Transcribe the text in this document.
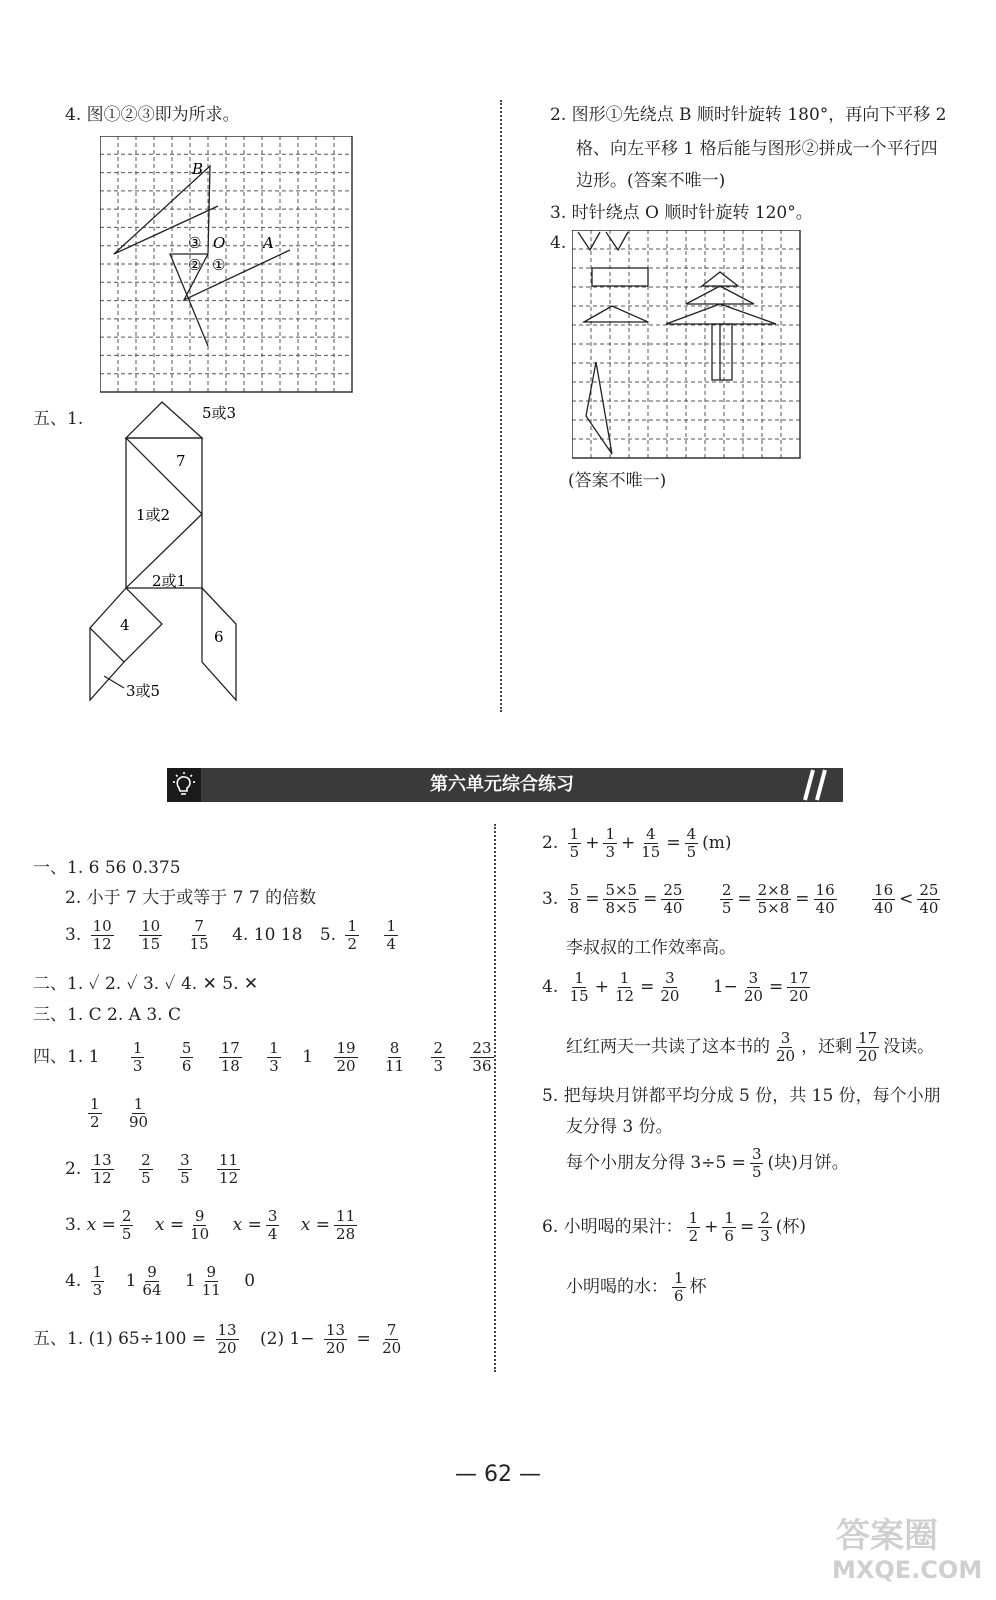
4. 图①②③即为所求。
B
O	A
③
② ①
五、1.	5或3
7
1或2
2或1
4
6
3或5
2. 图形①先绕点 B 顺时针旋转 180°，再向下平移 2
格、向左平移 1 格后能与图形②拼成一个平行四
边形。(答案不唯一)
3. 时针绕点 O 顺时针旋转 120°。
4.
(答案不唯一)
第六单元综合练习
一、1. 6 56 0.375
2. 小于 7 大于或等于 7 7 的倍数
3. $\frac{10}{12}$
$\frac{10}{15}$
$\frac{7}{15} 4$. 10 18 5. $\frac{1}{2}$
$\frac{1}{4}$
二、1. ✓ 2. ✓ 3. ✓ 4. ✕ 5. ✕
三、1. C 2. A 3. C
四、1. $1 \frac{1}{3}$
$\frac{5}{6}$
$\frac{17}{18}$
$\frac{1}{3} 1 \frac{19}{20}$
$\frac{8}{11}$
$\frac{2}{3}$
$\frac{23}{36}$
$\frac{1}{2}$
$\frac{1}{90}$
2. $\frac{13}{12}$
$\frac{2}{5}$
$\frac{3}{5}$
$\frac{11}{12}$
3. $x = \frac{2}{5}$ $x = \frac{9}{10}$ $x = \frac{3}{4}$ $x = \frac{11}{28}$
4. $\frac{1}{3} 1 \frac{9}{64} 1 \frac{9}{11} 0$
五、1. (1) $65\div 100 = \frac{13}{20} (2)$ $1- \frac{13}{20} = \frac{7}{20}$
2. $\frac{1}{5} + \frac{1}{3} + \frac{4}{15} = \frac{4}{5} (m)$
3. $\frac{5}{8} = \frac{5\times 5}{8\times 5} = \frac{25}{40}$
$\frac{2}{5} = \frac{2\times 8}{5\times 8} = \frac{16}{40}$
$\frac{16}{40} < \frac{25}{40}$
李叔叔的工作效率高。
4. $\frac{1}{15} + \frac{1}{12} = \frac{3}{20} 1- \frac{3}{20} = \frac{17}{20}$
红红两天一共读了这本书的 $\frac{3}{20}$ ，还剩 $\frac{17}{20}$ 没读。
5. 把每块月饼都平均分成 5 份，共 15 份，每个小朋
友分得 3 份。
每个小朋友分得 $3\div 5 = \frac{3}{5}$ (块)月饼。
6. 小明喝的果汁： $\frac{1}{2} + \frac{1}{6} = \frac{2}{3}$ (杯)
小明喝的水： $\frac{1}{6}$ 杯
— 62 —
答案圈
MXQE.COM
